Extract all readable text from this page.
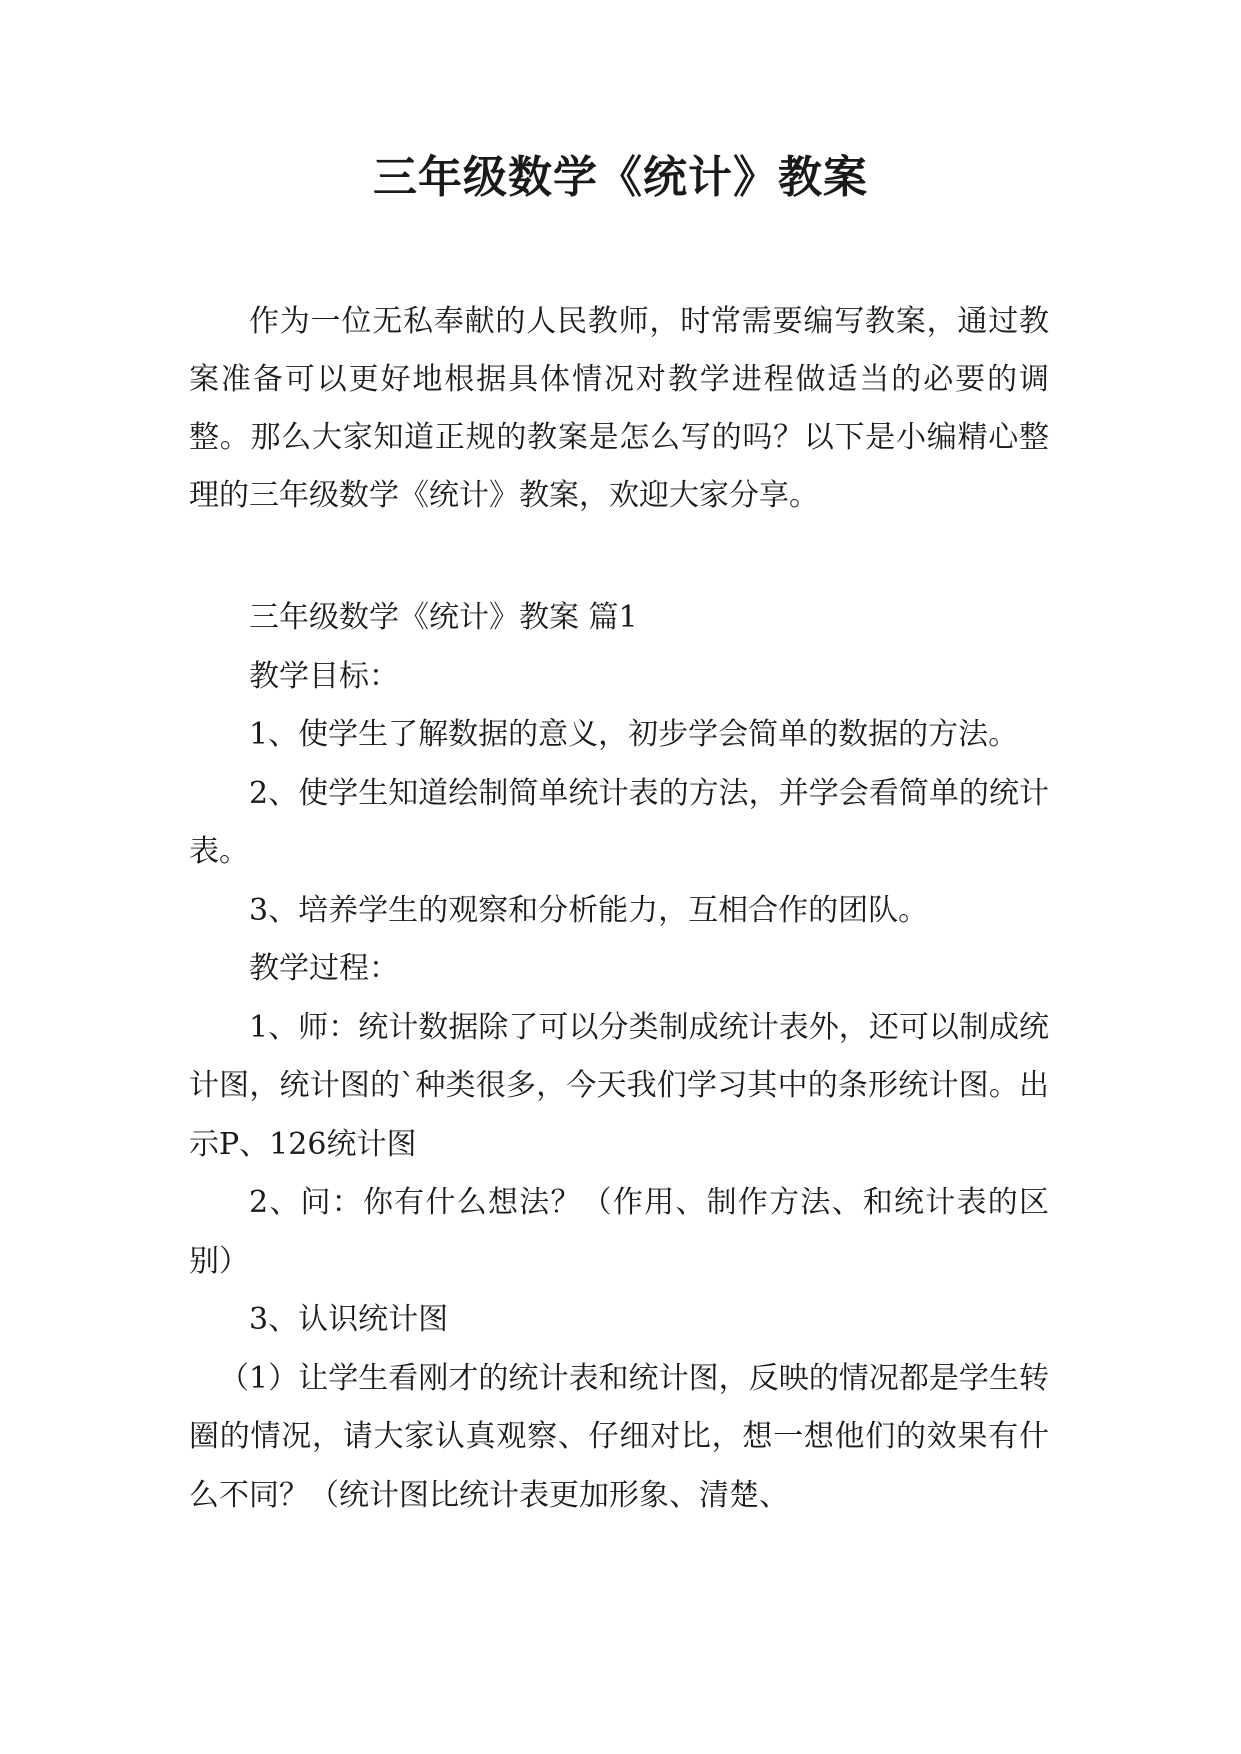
三年级数学《统计》教案

作为一位无私奉献的人民教师，时常需要编写教案，通过教案准备可以更好地根据具体情况对教学进程做适当的必要的调整。那么大家知道正规的教案是怎么写的吗？以下是小编精心整理的三年级数学《统计》教案，欢迎大家分享。

三年级数学《统计》教案 篇1

教学目标：

1、使学生了解数据的意义，初步学会简单的数据的方法。

2、使学生知道绘制简单统计表的方法，并学会看简单的统计表。

3、培养学生的观察和分析能力，互相合作的团队。

教学过程：

1、师：统计数据除了可以分类制成统计表外，还可以制成统计图，统计图的`种类很多，今天我们学习其中的条形统计图。出示P、126统计图

2、问：你有什么想法？（作用、制作方法、和统计表的区别）

3、认识统计图

（1）让学生看刚才的统计表和统计图，反映的情况都是学生转圈的情况，请大家认真观察、仔细对比，想一想他们的效果有什么不同？（统计图比统计表更加形象、清楚、
